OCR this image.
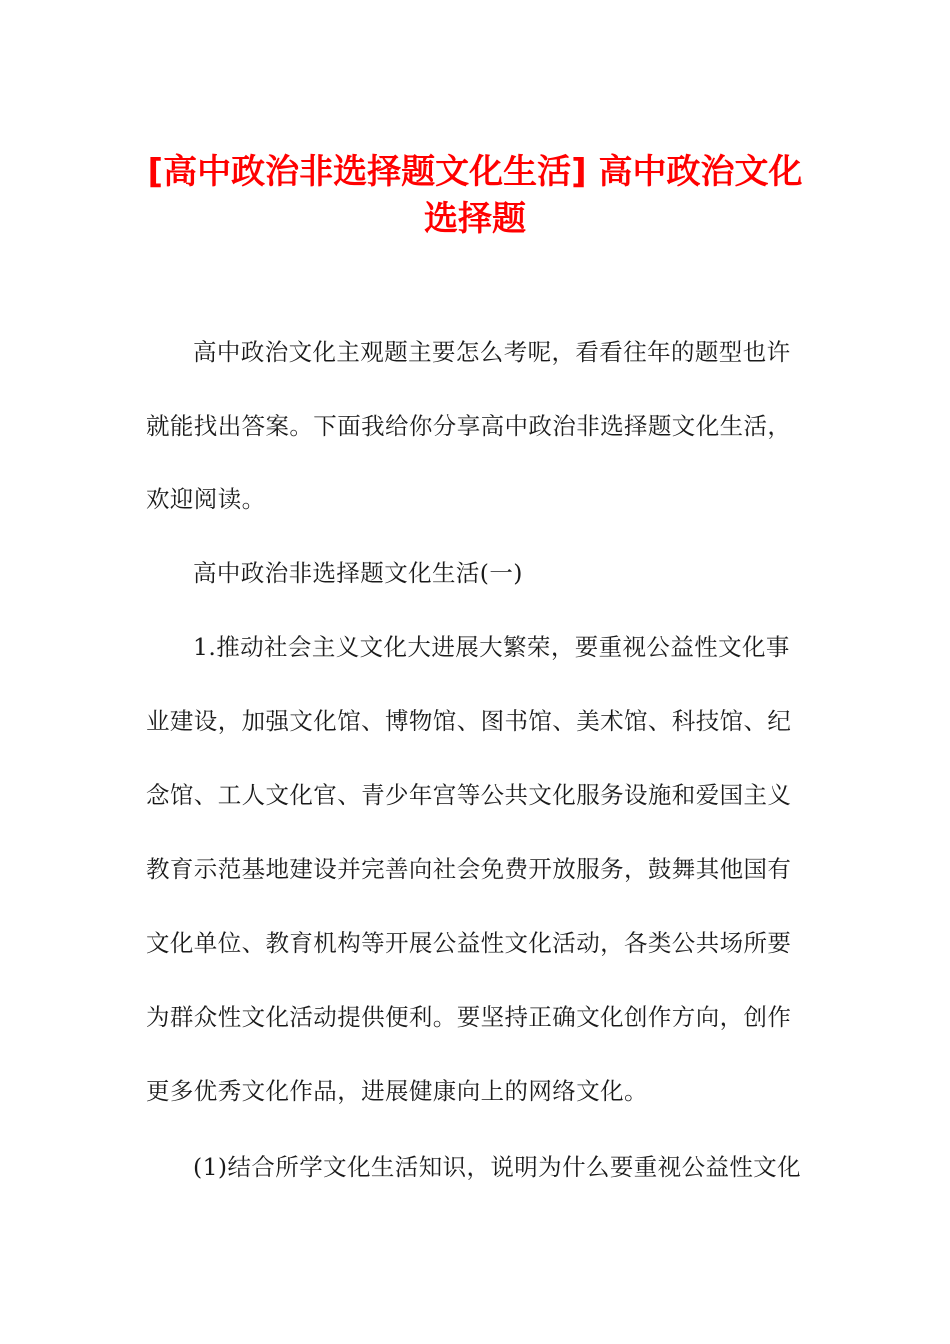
[高中政治非选择题文化生活] 高中政治文化
选择题

高中政治文化主观题主要怎么考呢，看看往年的题型也许

就能找出答案。下面我给你分享高中政治非选择题文化生活，

欢迎阅读。

高中政治非选择题文化生活(一)

1.推动社会主义文化大进展大繁荣，要重视公益性文化事

业建设，加强文化馆、博物馆、图书馆、美术馆、科技馆、纪

念馆、工人文化官、青少年宫等公共文化服务设施和爱国主义

教育示范基地建设并完善向社会免费开放服务，鼓舞其他国有

文化单位、教育机构等开展公益性文化活动，各类公共场所要

为群众性文化活动提供便利。要坚持正确文化创作方向，创作

更多优秀文化作品，进展健康向上的网络文化。

(1)结合所学文化生活知识，说明为什么要重视公益性文化
